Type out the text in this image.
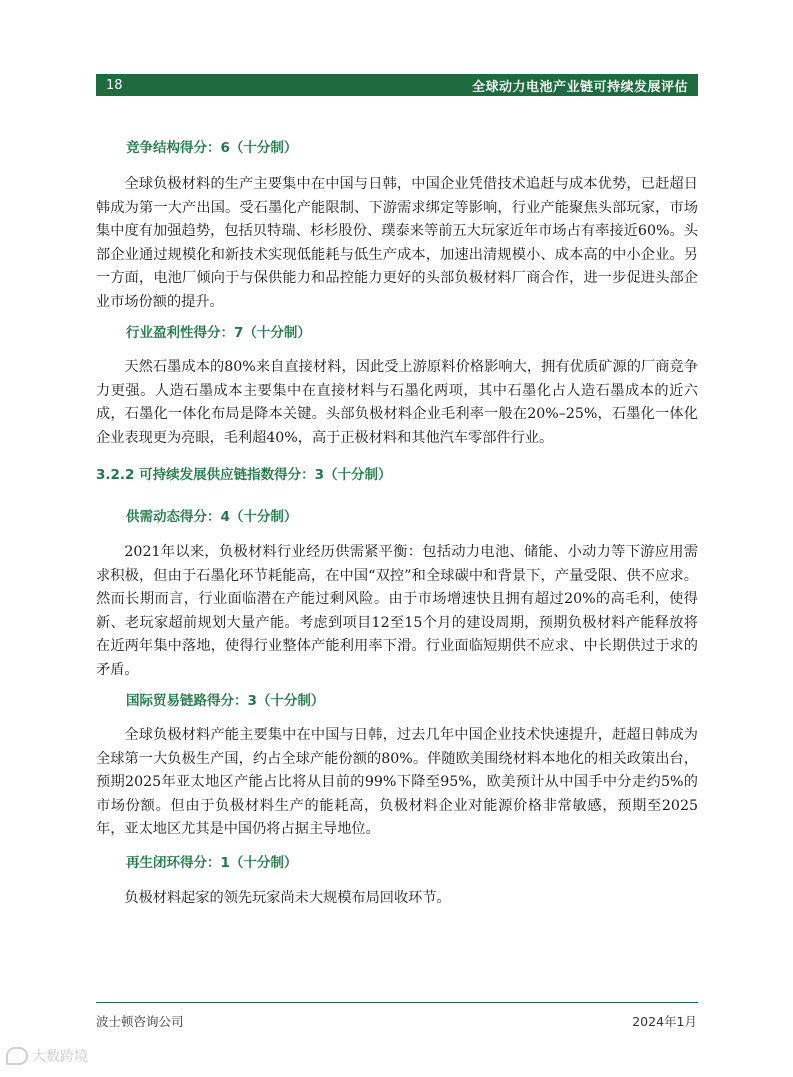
18	全球动力电池产业链可持续发展评估
竞争结构得分：6（十分制）

全球负极材料的生产主要集中在中国与日韩，中国企业凭借技术追赶与成本优势，已赶超日韩成为第一大产出国。受石墨化产能限制、下游需求绑定等影响，行业产能聚焦头部玩家，市场集中度有加强趋势，包括贝特瑞、杉杉股份、璞泰来等前五大玩家近年市场占有率接近60%。头部企业通过规模化和新技术实现低能耗与低生产成本，加速出清规模小、成本高的中小企业。另一方面，电池厂倾向于与保供能力和品控能力更好的头部负极材料厂商合作，进一步促进头部企业市场份额的提升。

行业盈利性得分：7（十分制）

天然石墨成本的80%来自直接材料，因此受上游原料价格影响大，拥有优质矿源的厂商竞争力更强。人造石墨成本主要集中在直接材料与石墨化两项，其中石墨化占人造石墨成本的近六成，石墨化一体化布局是降本关键。头部负极材料企业毛利率一般在20%–25%，石墨化一体化企业表现更为亮眼，毛利超40%，高于正极材料和其他汽车零部件行业。

3.2.2 可持续发展供应链指数得分：3（十分制）
供需动态得分：4（十分制）

2021年以来，负极材料行业经历供需紧平衡：包括动力电池、储能、小动力等下游应用需求积极，但由于石墨化环节耗能高，在中国“双控”和全球碳中和背景下，产量受限、供不应求。然而长期而言，行业面临潜在产能过剩风险。由于市场增速快且拥有超过20%的高毛利，使得新、老玩家超前规划大量产能。考虑到项目12至15个月的建设周期，预期负极材料产能释放将在近两年集中落地，使得行业整体产能利用率下滑。行业面临短期供不应求、中长期供过于求的矛盾。

国际贸易链路得分：3（十分制）

全球负极材料产能主要集中在中国与日韩，过去几年中国企业技术快速提升，赶超日韩成为全球第一大负极生产国，约占全球产能份额的80%。伴随欧美围绕材料本地化的相关政策出台，预期2025年亚太地区产能占比将从目前的99%下降至95%，欧美预计从中国手中分走约5%的市场份额。但由于负极材料生产的能耗高，负极材料企业对能源价格非常敏感，预期至2025年，亚太地区尤其是中国仍将占据主导地位。

再生闭环得分：1（十分制）

负极材料起家的领先玩家尚未大规模布局回收环节。

波士顿咨询公司	2024年1月
大数跨境
